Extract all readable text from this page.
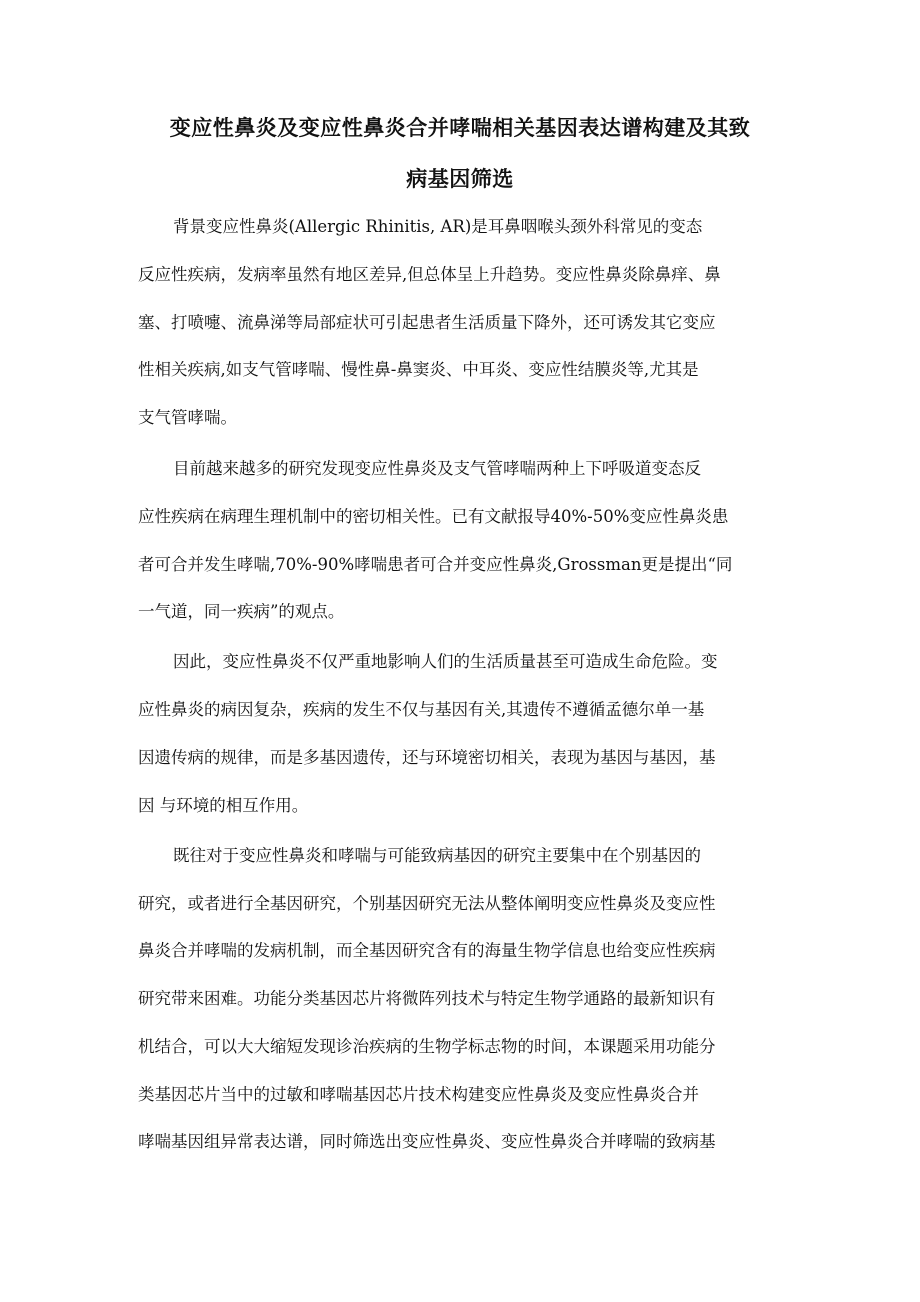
变应性鼻炎及变应性鼻炎合并哮喘相关基因表达谱构建及其致
病基因筛选
背景变应性鼻炎(Allergic Rhinitis, AR)是耳鼻咽喉头颈外科常见的变态
反应性疾病，发病率虽然有地区差异,但总体呈上升趋势。变应性鼻炎除鼻痒、鼻
塞、打喷嚏、流鼻涕等局部症状可引起患者生活质量下降外，还可诱发其它变应
性相关疾病,如支气管哮喘、慢性鼻-鼻窦炎、中耳炎、变应性结膜炎等,尤其是
支气管哮喘。
目前越来越多的研究发现变应性鼻炎及支气管哮喘两种上下呼吸道变态反
应性疾病在病理生理机制中的密切相关性。已有文献报导40%-50%变应性鼻炎患
者可合并发生哮喘,70%-90%哮喘患者可合并变应性鼻炎,Grossman更是提出“同
一气道，同一疾病”的观点。
因此，变应性鼻炎不仅严重地影响人们的生活质量甚至可造成生命危险。变
应性鼻炎的病因复杂，疾病的发生不仅与基因有关,其遗传不遵循孟德尔单一基
因遗传病的规律，而是多基因遗传，还与环境密切相关，表现为基因与基因，基
因 与环境的相互作用。
既往对于变应性鼻炎和哮喘与可能致病基因的研究主要集中在个别基因的
研究，或者进行全基因研究，个别基因研究无法从整体阐明变应性鼻炎及变应性
鼻炎合并哮喘的发病机制，而全基因研究含有的海量生物学信息也给变应性疾病
研究带来困难。功能分类基因芯片将微阵列技术与特定生物学通路的最新知识有
机结合，可以大大缩短发现诊治疾病的生物学标志物的时间，本课题采用功能分
类基因芯片当中的过敏和哮喘基因芯片技术构建变应性鼻炎及变应性鼻炎合并
哮喘基因组异常表达谱，同时筛选出变应性鼻炎、变应性鼻炎合并哮喘的致病基
